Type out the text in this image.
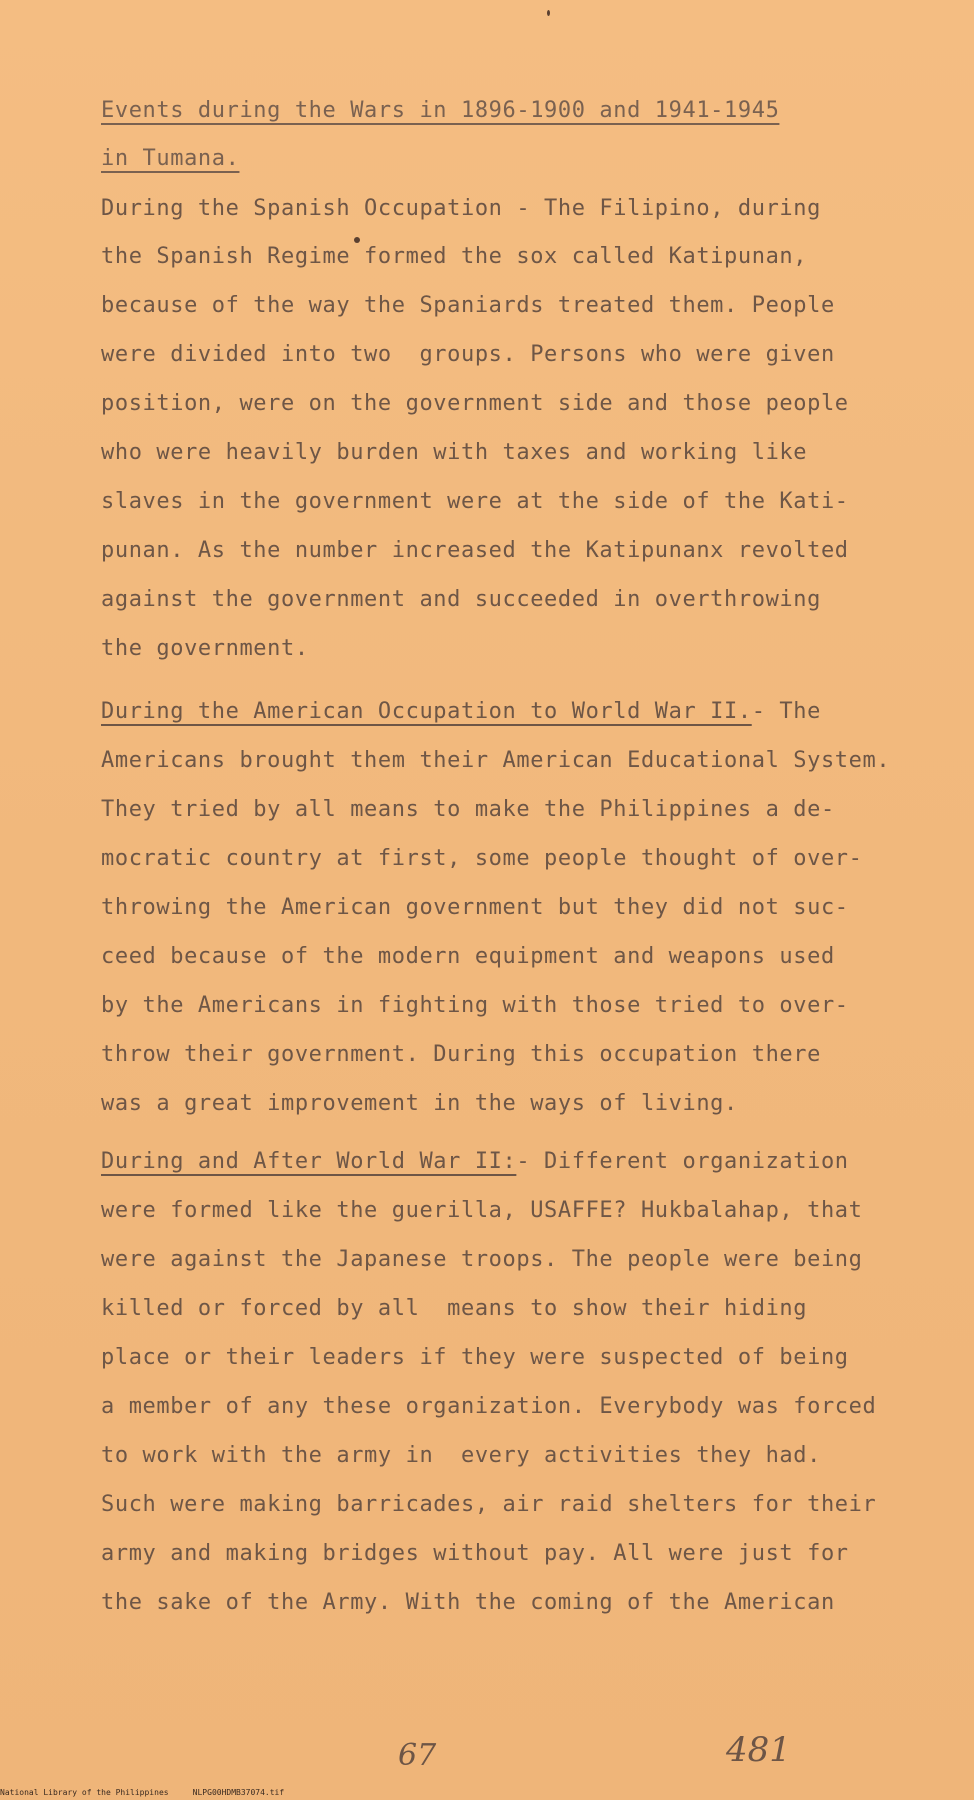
Events during the Wars in 1896-1900 and 1941-1945
in Tumana.
During the Spanish Occupation - The Filipino, during
the Spanish Regime formed the sox called Katipunan,
because of the way the Spaniards treated them. People
were divided into two  groups. Persons who were given
position, were on the government side and those people
who were heavily burden with taxes and working like
slaves in the government were at the side of the Kati-
punan. As the number increased the Katipunanx revolted
against the government and succeeded in overthrowing
the government.
During the American Occupation to World War II.- The
Americans brought them their American Educational System.
They tried by all means to make the Philippines a de-
mocratic country at first, some people thought of over-
throwing the American government but they did not suc-
ceed because of the modern equipment and weapons used
by the Americans in fighting with those tried to over-
throw their government. During this occupation there
was a great improvement in the ways of living.
During and After World War II:- Different organization
were formed like the guerilla, USAFFE? Hukbalahap, that
were against the Japanese troops. The people were being
killed or forced by all  means to show their hiding
place or their leaders if they were suspected of being
a member of any these organization. Everybody was forced
to work with the army in  every activities they had.
Such were making barricades, air raid shelters for their
army and making bridges without pay. All were just for
the sake of the Army. With the coming of the American
67	481
National Library of the Philippines	NLPG00HDMB37074.tif
